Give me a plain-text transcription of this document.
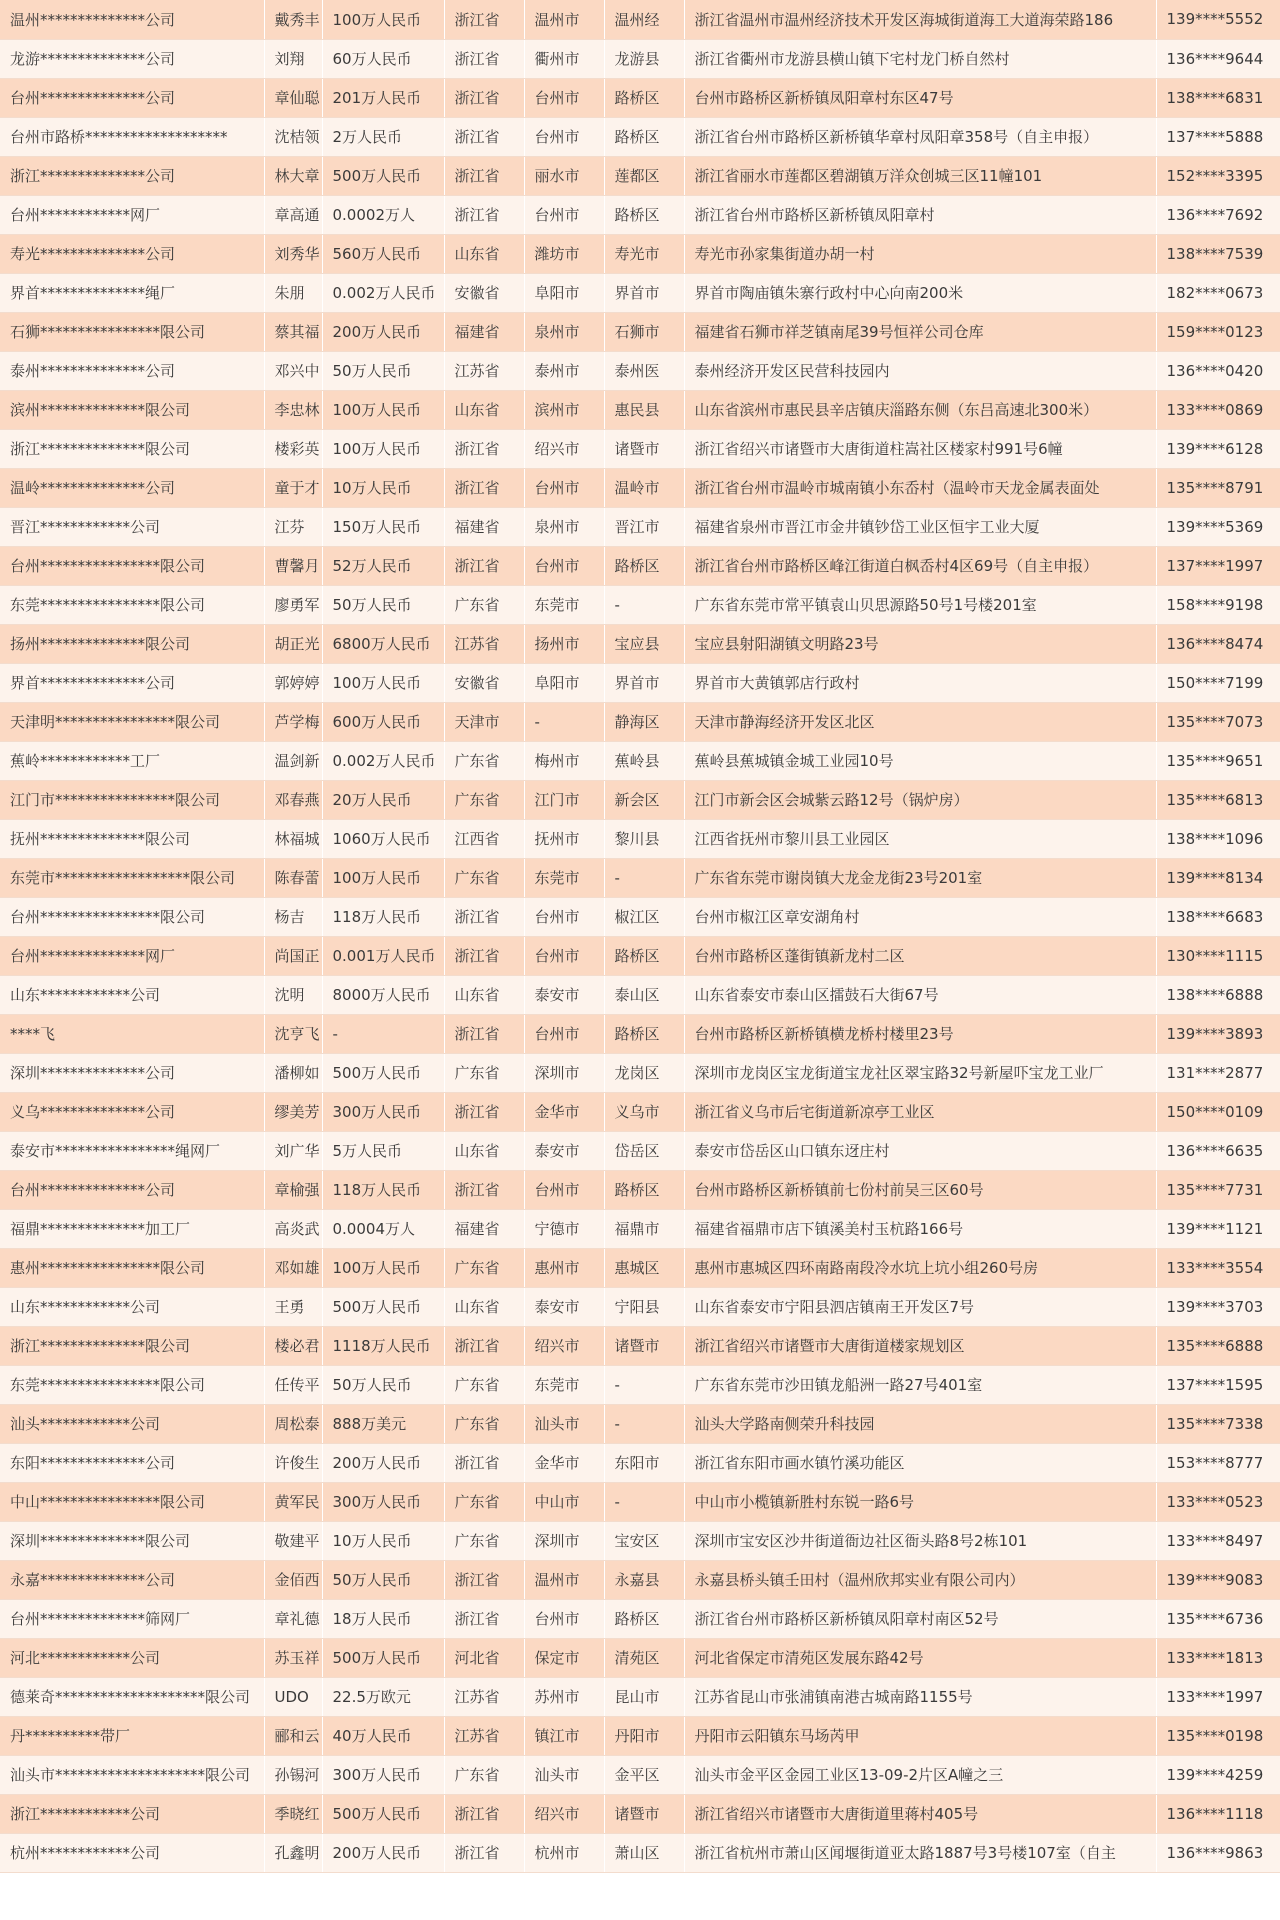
温州**************公司	戴秀丰	100万人民币	浙江省	温州市	温州经	浙江省温州市温州经济技术开发区海城街道海工大道海荣路186	139****5552
龙游**************公司	刘翔	60万人民币	浙江省	衢州市	龙游县	浙江省衢州市龙游县横山镇下宅村龙门桥自然村	136****9644
台州**************公司	章仙聪	201万人民币	浙江省	台州市	路桥区	台州市路桥区新桥镇凤阳章村东区47号	138****6831
台州市路桥*******************	沈桔领	2万人民币	浙江省	台州市	路桥区	浙江省台州市路桥区新桥镇华章村凤阳章358号（自主申报）	137****5888
浙江**************公司	林大章	500万人民币	浙江省	丽水市	莲都区	浙江省丽水市莲都区碧湖镇万洋众创城三区11幢101	152****3395
台州************网厂	章高通	0.0002万人	浙江省	台州市	路桥区	浙江省台州市路桥区新桥镇凤阳章村	136****7692
寿光**************公司	刘秀华	560万人民币	山东省	潍坊市	寿光市	寿光市孙家集街道办胡一村	138****7539
界首**************绳厂	朱朋	0.002万人民币	安徽省	阜阳市	界首市	界首市陶庙镇朱寨行政村中心向南200米	182****0673
石狮****************限公司	蔡其福	200万人民币	福建省	泉州市	石狮市	福建省石狮市祥芝镇南尾39号恒祥公司仓库	159****0123
泰州**************公司	邓兴中	50万人民币	江苏省	泰州市	泰州医	泰州经济开发区民营科技园内	136****0420
滨州**************限公司	李忠林	100万人民币	山东省	滨州市	惠民县	山东省滨州市惠民县辛店镇庆淄路东侧（东吕高速北300米）	133****0869
浙江**************限公司	楼彩英	100万人民币	浙江省	绍兴市	诸暨市	浙江省绍兴市诸暨市大唐街道柱嵩社区楼家村991号6幢	139****6128
温岭**************公司	童于才	10万人民币	浙江省	台州市	温岭市	浙江省台州市温岭市城南镇小东岙村（温岭市天龙金属表面处	135****8791
晋江************公司	江芬	150万人民币	福建省	泉州市	晋江市	福建省泉州市晋江市金井镇钞岱工业区恒宇工业大厦	139****5369
台州****************限公司	曹馨月	52万人民币	浙江省	台州市	路桥区	浙江省台州市路桥区峰江街道白枫岙村4区69号（自主申报）	137****1997
东莞****************限公司	廖勇军	50万人民币	广东省	东莞市	-	广东省东莞市常平镇袁山贝思源路50号1号楼201室	158****9198
扬州**************限公司	胡正光	6800万人民币	江苏省	扬州市	宝应县	宝应县射阳湖镇文明路23号	136****8474
界首**************公司	郭婷婷	100万人民币	安徽省	阜阳市	界首市	界首市大黄镇郭店行政村	150****7199
天津明****************限公司	芦学梅	600万人民币	天津市	-	静海区	天津市静海经济开发区北区	135****7073
蕉岭************工厂	温剑新	0.002万人民币	广东省	梅州市	蕉岭县	蕉岭县蕉城镇金城工业园10号	135****9651
江门市****************限公司	邓春燕	20万人民币	广东省	江门市	新会区	江门市新会区会城紫云路12号（锅炉房）	135****6813
抚州**************限公司	林福城	1060万人民币	江西省	抚州市	黎川县	江西省抚州市黎川县工业园区	138****1096
东莞市******************限公司	陈春蕾	100万人民币	广东省	东莞市	-	广东省东莞市谢岗镇大龙金龙街23号201室	139****8134
台州****************限公司	杨吉	118万人民币	浙江省	台州市	椒江区	台州市椒江区章安湖角村	138****6683
台州**************网厂	尚国正	0.001万人民币	浙江省	台州市	路桥区	台州市路桥区蓬街镇新龙村二区	130****1115
山东************公司	沈明	8000万人民币	山东省	泰安市	泰山区	山东省泰安市泰山区擂鼓石大街67号	138****6888
****飞	沈亨飞	-	浙江省	台州市	路桥区	台州市路桥区新桥镇横龙桥村楼里23号	139****3893
深圳**************公司	潘柳如	500万人民币	广东省	深圳市	龙岗区	深圳市龙岗区宝龙街道宝龙社区翠宝路32号新屋吓宝龙工业厂	131****2877
义乌**************公司	缪美芳	300万人民币	浙江省	金华市	义乌市	浙江省义乌市后宅街道新凉亭工业区	150****0109
泰安市****************绳网厂	刘广华	5万人民币	山东省	泰安市	岱岳区	泰安市岱岳区山口镇东迓庄村	136****6635
台州**************公司	章榆强	118万人民币	浙江省	台州市	路桥区	台州市路桥区新桥镇前七份村前吴三区60号	135****7731
福鼎**************加工厂	高炎武	0.0004万人	福建省	宁德市	福鼎市	福建省福鼎市店下镇溪美村玉杭路166号	139****1121
惠州****************限公司	邓如雄	100万人民币	广东省	惠州市	惠城区	惠州市惠城区四环南路南段冷水坑上坑小组260号房	133****3554
山东************公司	王勇	500万人民币	山东省	泰安市	宁阳县	山东省泰安市宁阳县泗店镇南王开发区7号	139****3703
浙江**************限公司	楼必君	1118万人民币	浙江省	绍兴市	诸暨市	浙江省绍兴市诸暨市大唐街道楼家规划区	135****6888
东莞****************限公司	任传平	50万人民币	广东省	东莞市	-	广东省东莞市沙田镇龙船洲一路27号401室	137****1595
汕头************公司	周松泰	888万美元	广东省	汕头市	-	汕头大学路南侧荣升科技园	135****7338
东阳**************公司	许俊生	200万人民币	浙江省	金华市	东阳市	浙江省东阳市画水镇竹溪功能区	153****8777
中山****************限公司	黄军民	300万人民币	广东省	中山市	-	中山市小榄镇新胜村东锐一路6号	133****0523
深圳**************限公司	敬建平	10万人民币	广东省	深圳市	宝安区	深圳市宝安区沙井街道衙边社区衙头路8号2栋101	133****8497
永嘉**************公司	金佰西	50万人民币	浙江省	温州市	永嘉县	永嘉县桥头镇壬田村（温州欣邦实业有限公司内）	139****9083
台州**************筛网厂	章礼德	18万人民币	浙江省	台州市	路桥区	浙江省台州市路桥区新桥镇凤阳章村南区52号	135****6736
河北************公司	苏玉祥	500万人民币	河北省	保定市	清苑区	河北省保定市清苑区发展东路42号	133****1813
德莱奇********************限公司	UDO	22.5万欧元	江苏省	苏州市	昆山市	江苏省昆山市张浦镇南港古城南路1155号	133****1997
丹**********带厂	郦和云	40万人民币	江苏省	镇江市	丹阳市	丹阳市云阳镇东马场芮甲	135****0198
汕头市********************限公司	孙锡河	300万人民币	广东省	汕头市	金平区	汕头市金平区金园工业区13-09-2片区A幢之三	139****4259
浙江************公司	季晓红	500万人民币	浙江省	绍兴市	诸暨市	浙江省绍兴市诸暨市大唐街道里蒋村405号	136****1118
杭州************公司	孔鑫明	200万人民币	浙江省	杭州市	萧山区	浙江省杭州市萧山区闻堰街道亚太路1887号3号楼107室（自主	136****9863
